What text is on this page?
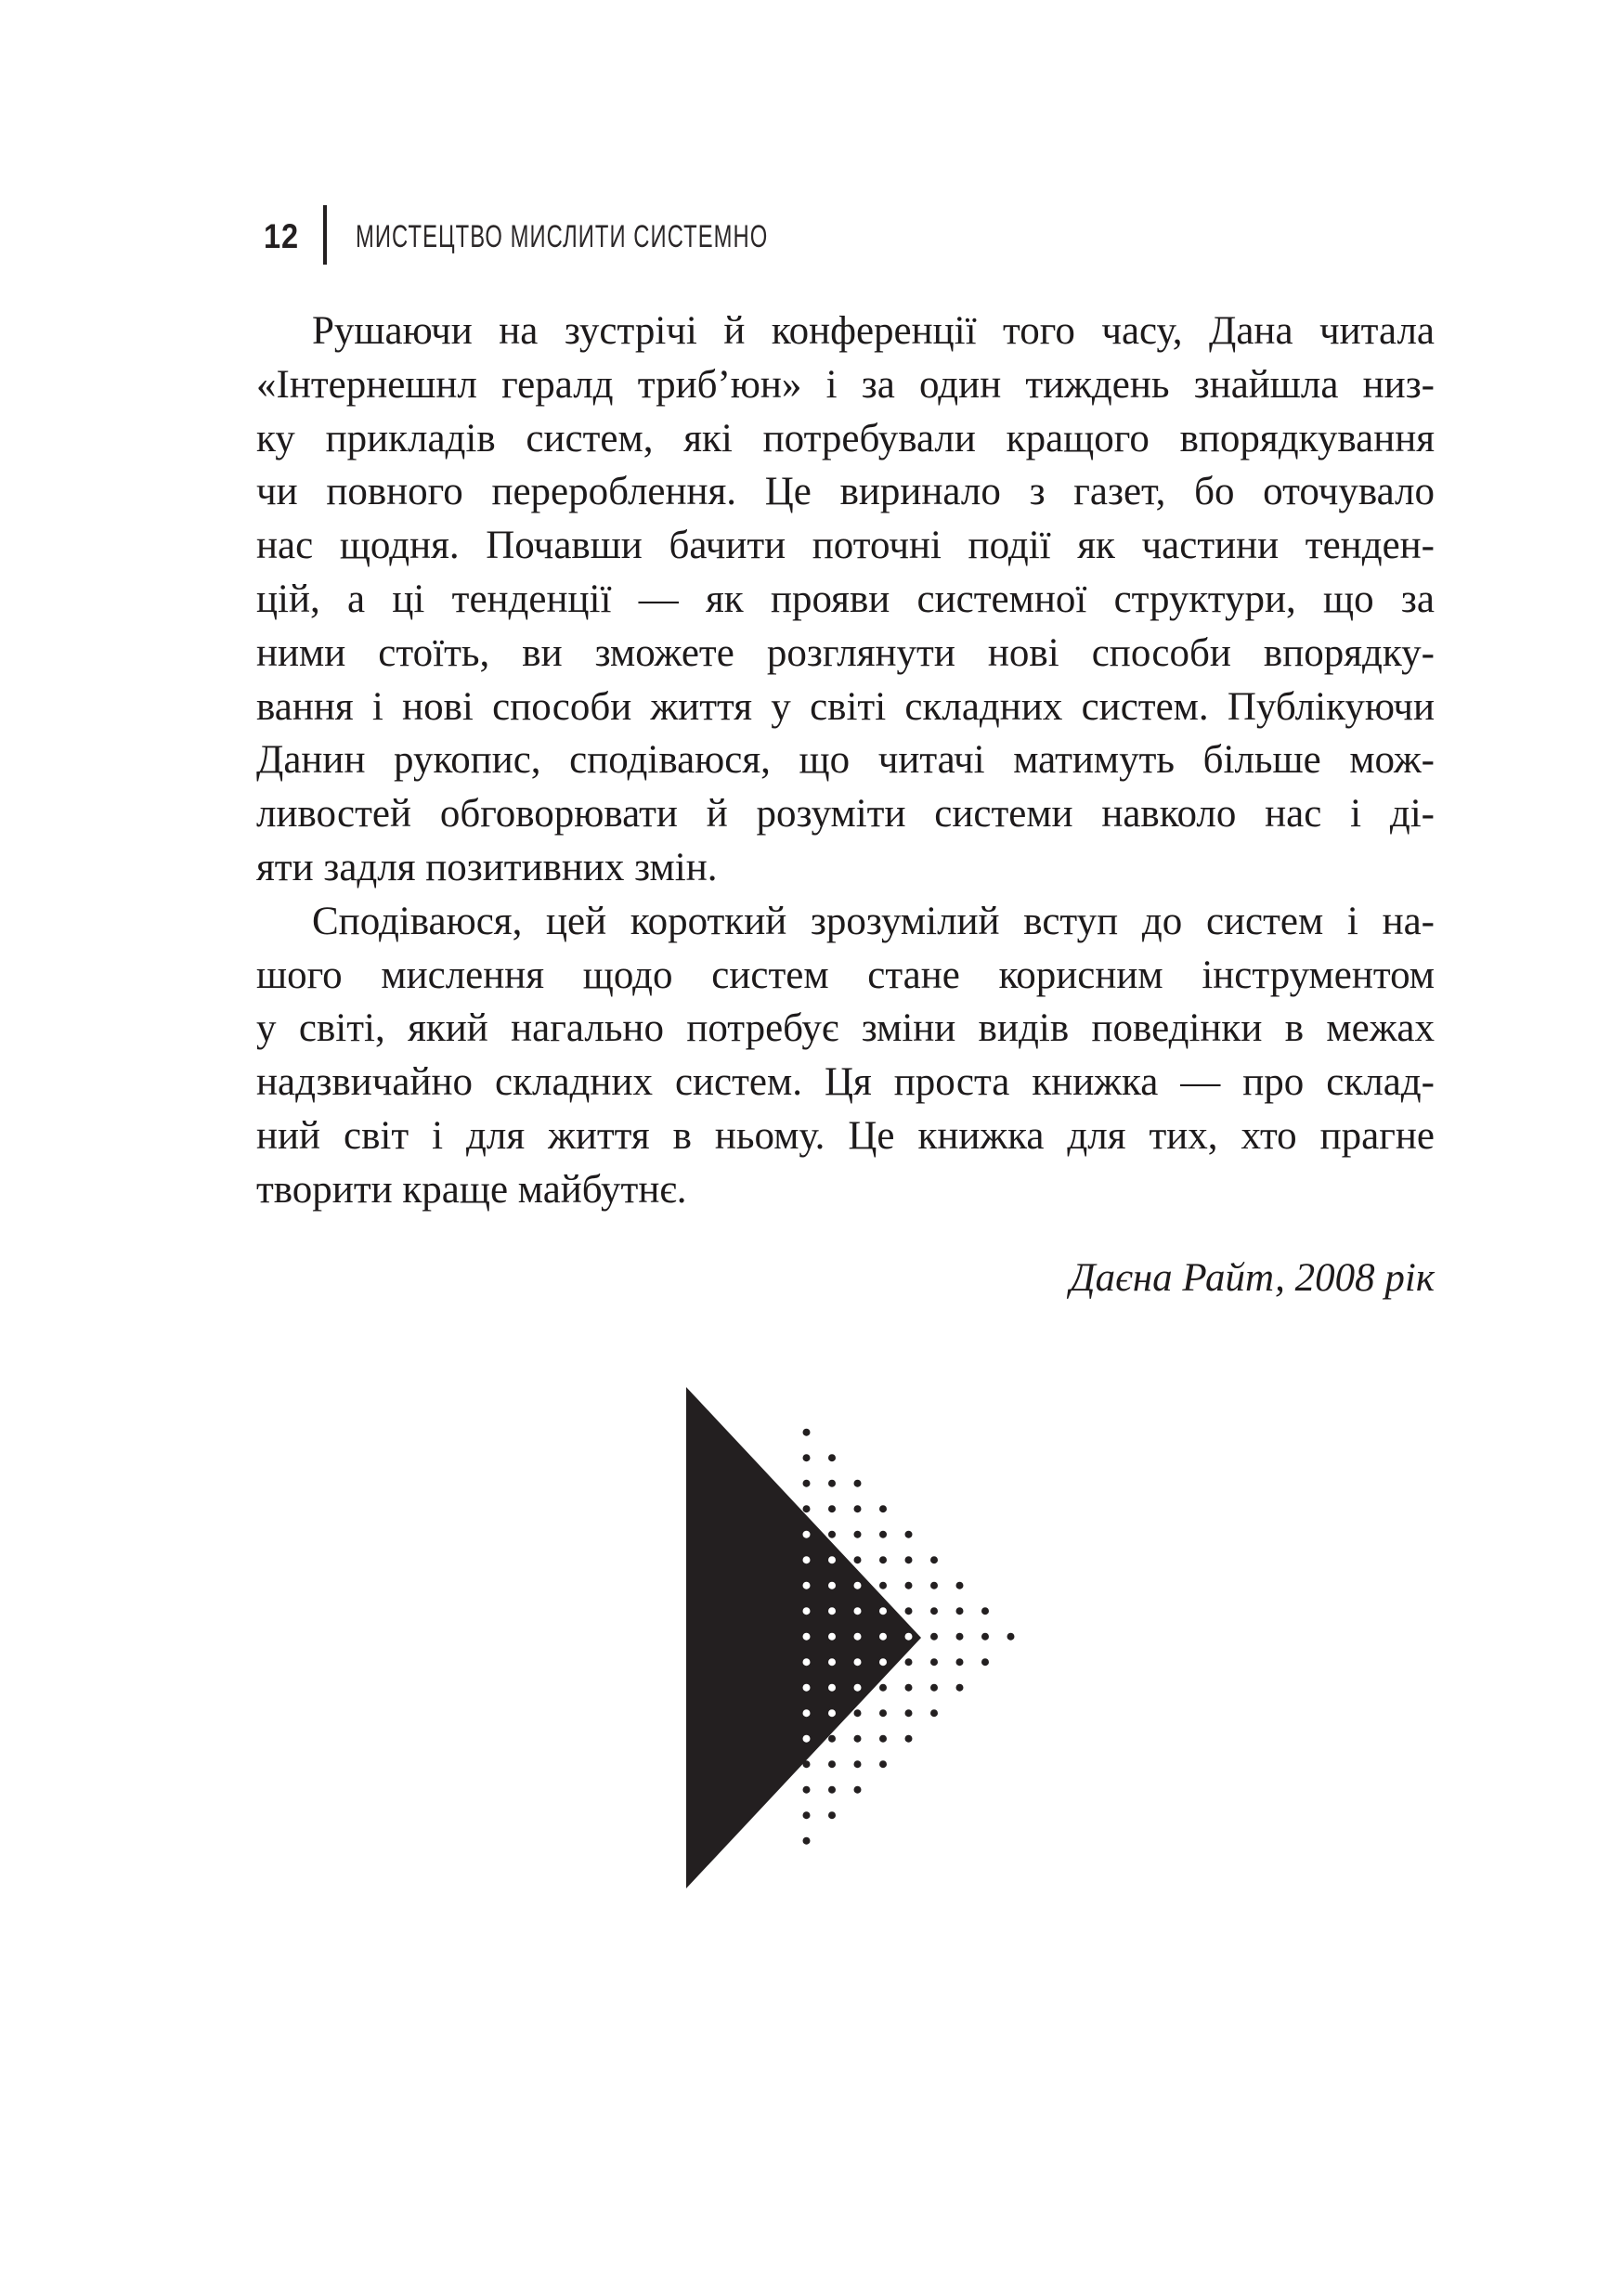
12 МИСТЕЦТВО МИСЛИТИ СИСТЕМНО
Рушаючи на зустрічі й конференції того часу, Дана читала
«Інтернешнл гералд триб’юн» і за один тиждень знайшла низ-
ку прикладів систем, які потребували кращого впорядкування
чи повного перероблення. Це виринало з газет, бо оточувало
нас щодня. Почавши бачити поточні події як частини тенден-
цій, а ці тенденції — як прояви системної структури, що за
ними стоїть, ви зможете розглянути нові способи впорядку-
вання і нові способи життя у світі складних систем. Публікуючи
Данин рукопис, сподіваюся, що читачі матимуть більше мож-
ливостей обговорювати й розуміти системи навколо нас і ді-
яти задля позитивних змін.
Сподіваюся, цей короткий зрозумілий вступ до систем і на-
шого мислення щодо систем стане корисним інструментом
у світі, який нагально потребує зміни видів поведінки в межах
надзвичайно складних систем. Ця проста книжка — про склад-
ний світ і для життя в ньому. Це книжка для тих, хто прагне
творити краще майбутнє.
Даєна Райт, 2008 рік
